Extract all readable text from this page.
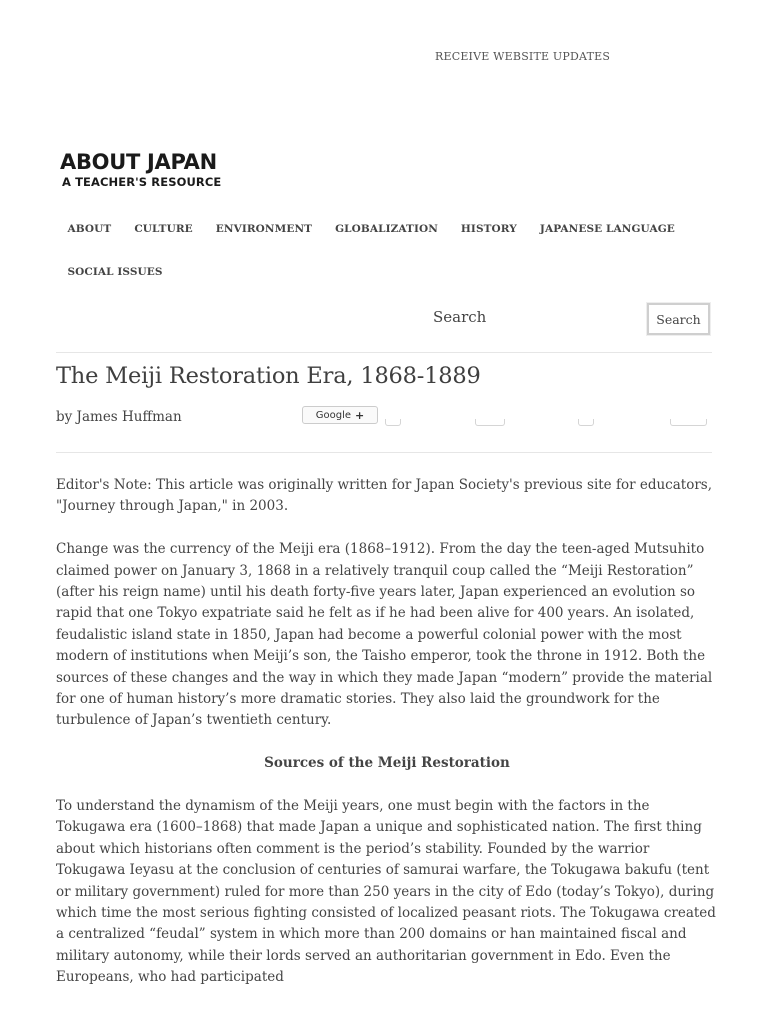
RECEIVE WEBSITE UPDATES
ABOUT JAPAN
A TEACHER'S RESOURCE
ABOUT	CULTURE	ENVIRONMENT	GLOBALIZATION	HISTORY	JAPANESE LANGUAGE
SOCIAL ISSUES
Search	Search
The Meiji Restoration Era, 1868-1889
by James Huffman	Google +

Editor's Note: This article was originally written for Japan Society's previous site for educators, "Journey through Japan," in 2003.

Change was the currency of the Meiji era (1868–1912). From the day the teen-aged Mutsuhito claimed power on January 3, 1868 in a relatively tranquil coup called the “Meiji Restoration” (after his reign name) until his death forty-five years later, Japan experienced an evolution so rapid that one Tokyo expatriate said he felt as if he had been alive for 400 years. An isolated, feudalistic island state in 1850, Japan had become a powerful colonial power with the most modern of institutions when Meiji’s son, the Taisho emperor, took the throne in 1912. Both the sources of these changes and the way in which they made Japan “modern” provide the material for one of human history’s more dramatic stories. They also laid the groundwork for the turbulence of Japan’s twentieth century.

Sources of the Meiji Restoration

To understand the dynamism of the Meiji years, one must begin with the factors in the Tokugawa era (1600–1868) that made Japan a unique and sophisticated nation. The first thing about which historians often comment is the period’s stability. Founded by the warrior Tokugawa Ieyasu at the conclusion of centuries of samurai warfare, the Tokugawa bakufu (tent or military government) ruled for more than 250 years in the city of Edo (today’s Tokyo), during which time the most serious fighting consisted of localized peasant riots. The Tokugawa created a centralized “feudal” system in which more than 200 domains or han maintained fiscal and military autonomy, while their lords served an authoritarian government in Edo. Even the Europeans, who had participated
